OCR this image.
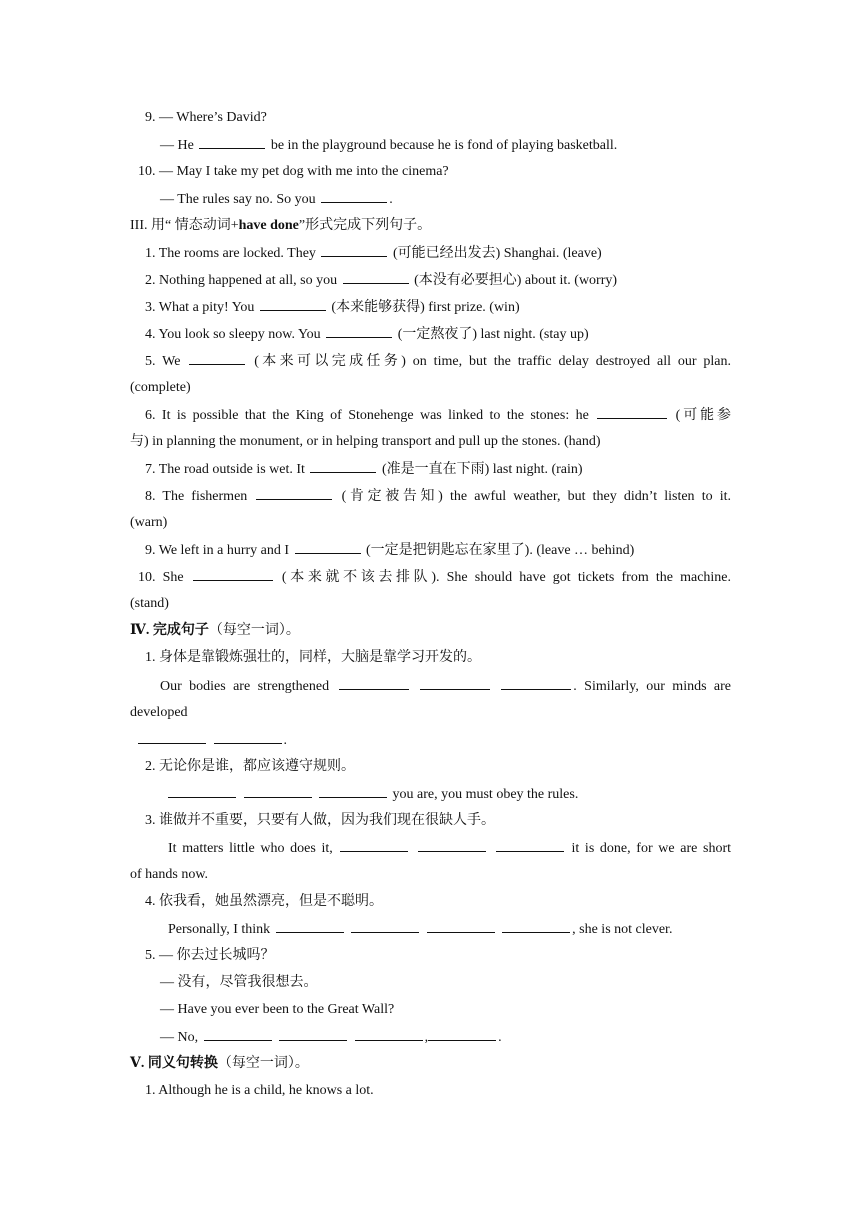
9. — Where’s David?
— He	be in the playground because he is fond of playing basketball.
10. — May I take my pet dog with me into the cinema?
— The rules say no. So you	.
III. 用“ 情态动词+have done”形式完成下列句子。
1. The rooms are locked. They	(可能已经出发去) Shanghai. (leave)
2. Nothing happened at all, so you	(本没有必要担心) about it. (worry)
3. What a pity! You	(本来能够获得) first prize. (win)
4. You look so sleepy now. You	(一定熬夜了) last night. (stay up)
5. We	(本来可以完成任务) on time, but the traffic delay destroyed all our plan.
(complete)
6. It is possible that the King of Stonehenge was linked to the stones: he	(可能参
与) in planning the monument, or in helping transport and pull up the stones. (hand)
7. The road outside is wet. It	(准是一直在下雨) last night. (rain)
8. The fishermen	(肯定被告知) the awful weather, but they didn’t listen to it.
(warn)
9. We left in a hurry and I	(一定是把钥匙忘在家里了). (leave … behind)
10. She	(本来就不该去排队). She should have got tickets from the machine.
(stand)
Ⅳ. 完成句子（每空一词）。
1. 身体是靠锻炼强壮的，同样，大脑是靠学习开发的。
Our bodies are strengthened	. Similarly, our minds are
developed
.
2. 无论你是谁，都应该遵守规则。
you are, you must obey the rules.
3. 谁做并不重要，只要有人做，因为我们现在很缺人手。
It matters little who does it,	it is done, for we are short
of hands now.
4. 依我看，她虽然漂亮，但是不聪明。
Personally, I think	, she is not clever.
5. — 你去过长城吗？
— 没有，尽管我很想去。
— Have you ever been to the Great Wall?
— No,	,	.
Ⅴ. 同义句转换（每空一词）。
1. Although he is a child, he knows a lot.
